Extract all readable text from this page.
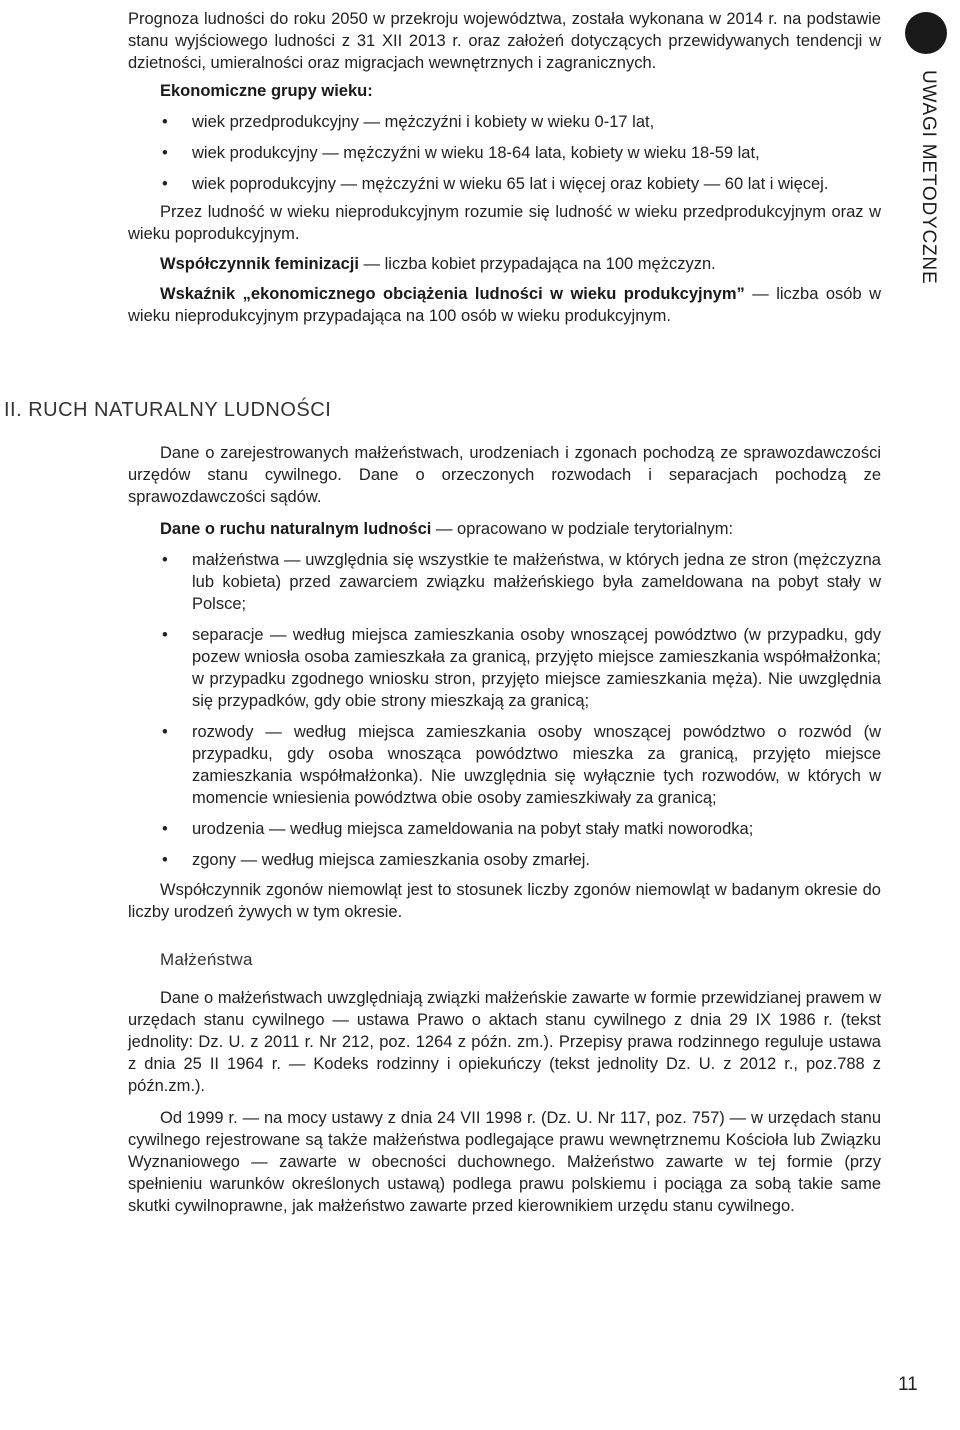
UWAGI METODYCZNE

Prognoza ludności do roku 2050 w przekroju województwa, została wykonana w 2014 r. na podstawie stanu wyjściowego ludności z 31 XII 2013 r. oraz założeń dotyczących przewidywanych tendencji w dzietności, umieralności oraz migracjach wewnętrznych i zagranicznych.

Ekonomiczne grupy wieku:

• wiek przedprodukcyjny — mężczyźni i kobiety w wieku 0-17 lat,
• wiek produkcyjny — mężczyźni w wieku 18-64 lata, kobiety w wieku 18-59 lat,
• wiek poprodukcyjny — mężczyźni w wieku 65 lat i więcej oraz kobiety — 60 lat i więcej.

Przez ludność w wieku nieprodukcyjnym rozumie się ludność w wieku przedprodukcyjnym oraz w wieku poprodukcyjnym.

Współczynnik feminizacji — liczba kobiet przypadająca na 100 mężczyzn.

Wskaźnik „ekonomicznego obciążenia ludności w wieku produkcyjnym” — liczba osób w wieku nieprodukcyjnym przypadająca na 100 osób w wieku produkcyjnym.

II. RUCH NATURALNY LUDNOŚCI

Dane o zarejestrowanych małżeństwach, urodzeniach i zgonach pochodzą ze sprawozdawczości urzędów stanu cywilnego. Dane o orzeczonych rozwodach i separacjach pochodzą ze sprawozdawczości sądów.

Dane o ruchu naturalnym ludności — opracowano w podziale terytorialnym:

• małżeństwa — uwzględnia się wszystkie te małżeństwa, w których jedna ze stron (mężczyzna lub kobieta) przed zawarciem związku małżeńskiego była zameldowana na pobyt stały w Polsce;
• separacje — według miejsca zamieszkania osoby wnoszącej powództwo (w przypadku, gdy pozew wniosła osoba zamieszkała za granicą, przyjęto miejsce zamieszkania współmałżonka; w przypadku zgodnego wniosku stron, przyjęto miejsce zamieszkania męża). Nie uwzględnia się przypadków, gdy obie strony mieszkają za granicą;
• rozwody — według miejsca zamieszkania osoby wnoszącej powództwo o rozwód (w przypadku, gdy osoba wnosząca powództwo mieszka za granicą, przyjęto miejsce zamieszkania współmałżonka). Nie uwzględnia się wyłącznie tych rozwodów, w których w momencie wniesienia powództwa obie osoby zamieszkiwały za granicą;
• urodzenia — według miejsca zameldowania na pobyt stały matki noworodka;
• zgony — według miejsca zamieszkania osoby zmarłej.

Współczynnik zgonów niemowląt jest to stosunek liczby zgonów niemowląt w badanym okresie do liczby urodzeń żywych w tym okresie.

Małżeństwa

Dane o małżeństwach uwzględniają związki małżeńskie zawarte w formie przewidzianej prawem w urzędach stanu cywilnego — ustawa Prawo o aktach stanu cywilnego z dnia 29 IX 1986 r. (tekst jednolity: Dz. U. z 2011 r. Nr 212, poz. 1264 z późn. zm.). Przepisy prawa rodzinnego reguluje ustawa z dnia 25 II 1964 r. — Kodeks rodzinny i opiekuńczy (tekst jednolity Dz. U. z 2012 r., poz.788 z późn.zm.).

Od 1999 r. — na mocy ustawy z dnia 24 VII 1998 r. (Dz. U. Nr 117, poz. 757) — w urzędach stanu cywilnego rejestrowane są także małżeństwa podlegające prawu wewnętrznemu Kościoła lub Związku Wyznaniowego — zawarte w obecności duchownego. Małżeństwo zawarte w tej formie (przy spełnieniu warunków określonych ustawą) podlega prawu polskiemu i pociąga za sobą takie same skutki cywilnoprawne, jak małżeństwo zawarte przed kierownikiem urzędu stanu cywilnego.

11
